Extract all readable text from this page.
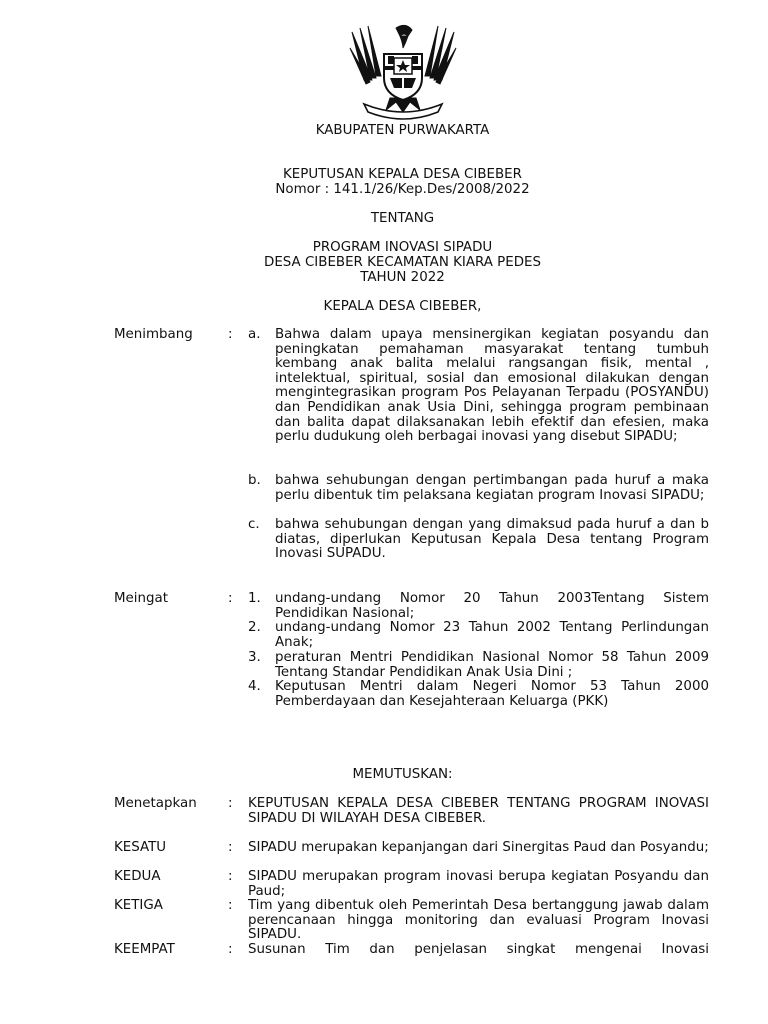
KABUPATEN PURWAKARTA
KEPUTUSAN KEPALA DESA CIBEBER
Nomor : 141.1/26/Kep.Des/2008/2022
TENTANG
PROGRAM INOVASI SIPADU
DESA CIBEBER KECAMATAN KIARA PEDES
TAHUN 2022
KEPALA DESA CIBEBER,
Menimbang	: a. Bahwa dalam upaya mensinergikan kegiatan posyandu dan peningkatan pemahaman masyarakat tentang tumbuh kembang anak balita melalui rangsangan fisik, mental , intelektual, spiritual, sosial dan emosional dilakukan dengan mengintegrasikan program Pos Pelayanan Terpadu (POSYANDU) dan Pendidikan anak Usia Dini, sehingga program pembinaan dan balita dapat dilaksanakan lebih efektif dan efesien, maka perlu dudukung oleh berbagai inovasi yang disebut SIPADU;
b. bahwa sehubungan dengan pertimbangan pada huruf a maka perlu dibentuk tim pelaksana kegiatan program Inovasi SIPADU;
c. bahwa sehubungan dengan yang dimaksud pada huruf a dan b diatas, diperlukan Keputusan Kepala Desa tentang Program Inovasi SUPADU.
Meingat	: 1. undang-undang Nomor 20 Tahun 2003Tentang Sistem Pendidikan Nasional;
2. undang-undang Nomor 23 Tahun 2002 Tentang Perlindungan Anak;
3. peraturan Mentri Pendidikan Nasional Nomor 58 Tahun 2009 Tentang Standar Pendidikan Anak Usia Dini ;
4. Keputusan Mentri dalam Negeri Nomor 53 Tahun 2000 Pemberdayaan dan Kesejahteraan Keluarga (PKK)
MEMUTUSKAN:
Menetapkan : KEPUTUSAN KEPALA DESA CIBEBER TENTANG PROGRAM INOVASI SIPADU DI WILAYAH DESA CIBEBER.
KESATU	: SIPADU merupakan kepanjangan dari Sinergitas Paud dan Posyandu;
KEDUA	: SIPADU merupakan program inovasi berupa kegiatan Posyandu dan Paud;
KETIGA	: Tim yang dibentuk oleh Pemerintah Desa bertanggung jawab dalam perencanaan hingga monitoring dan evaluasi Program Inovasi SIPADU.
KEEMPAT	: Susunan Tim dan penjelasan singkat mengenai Inovasi
